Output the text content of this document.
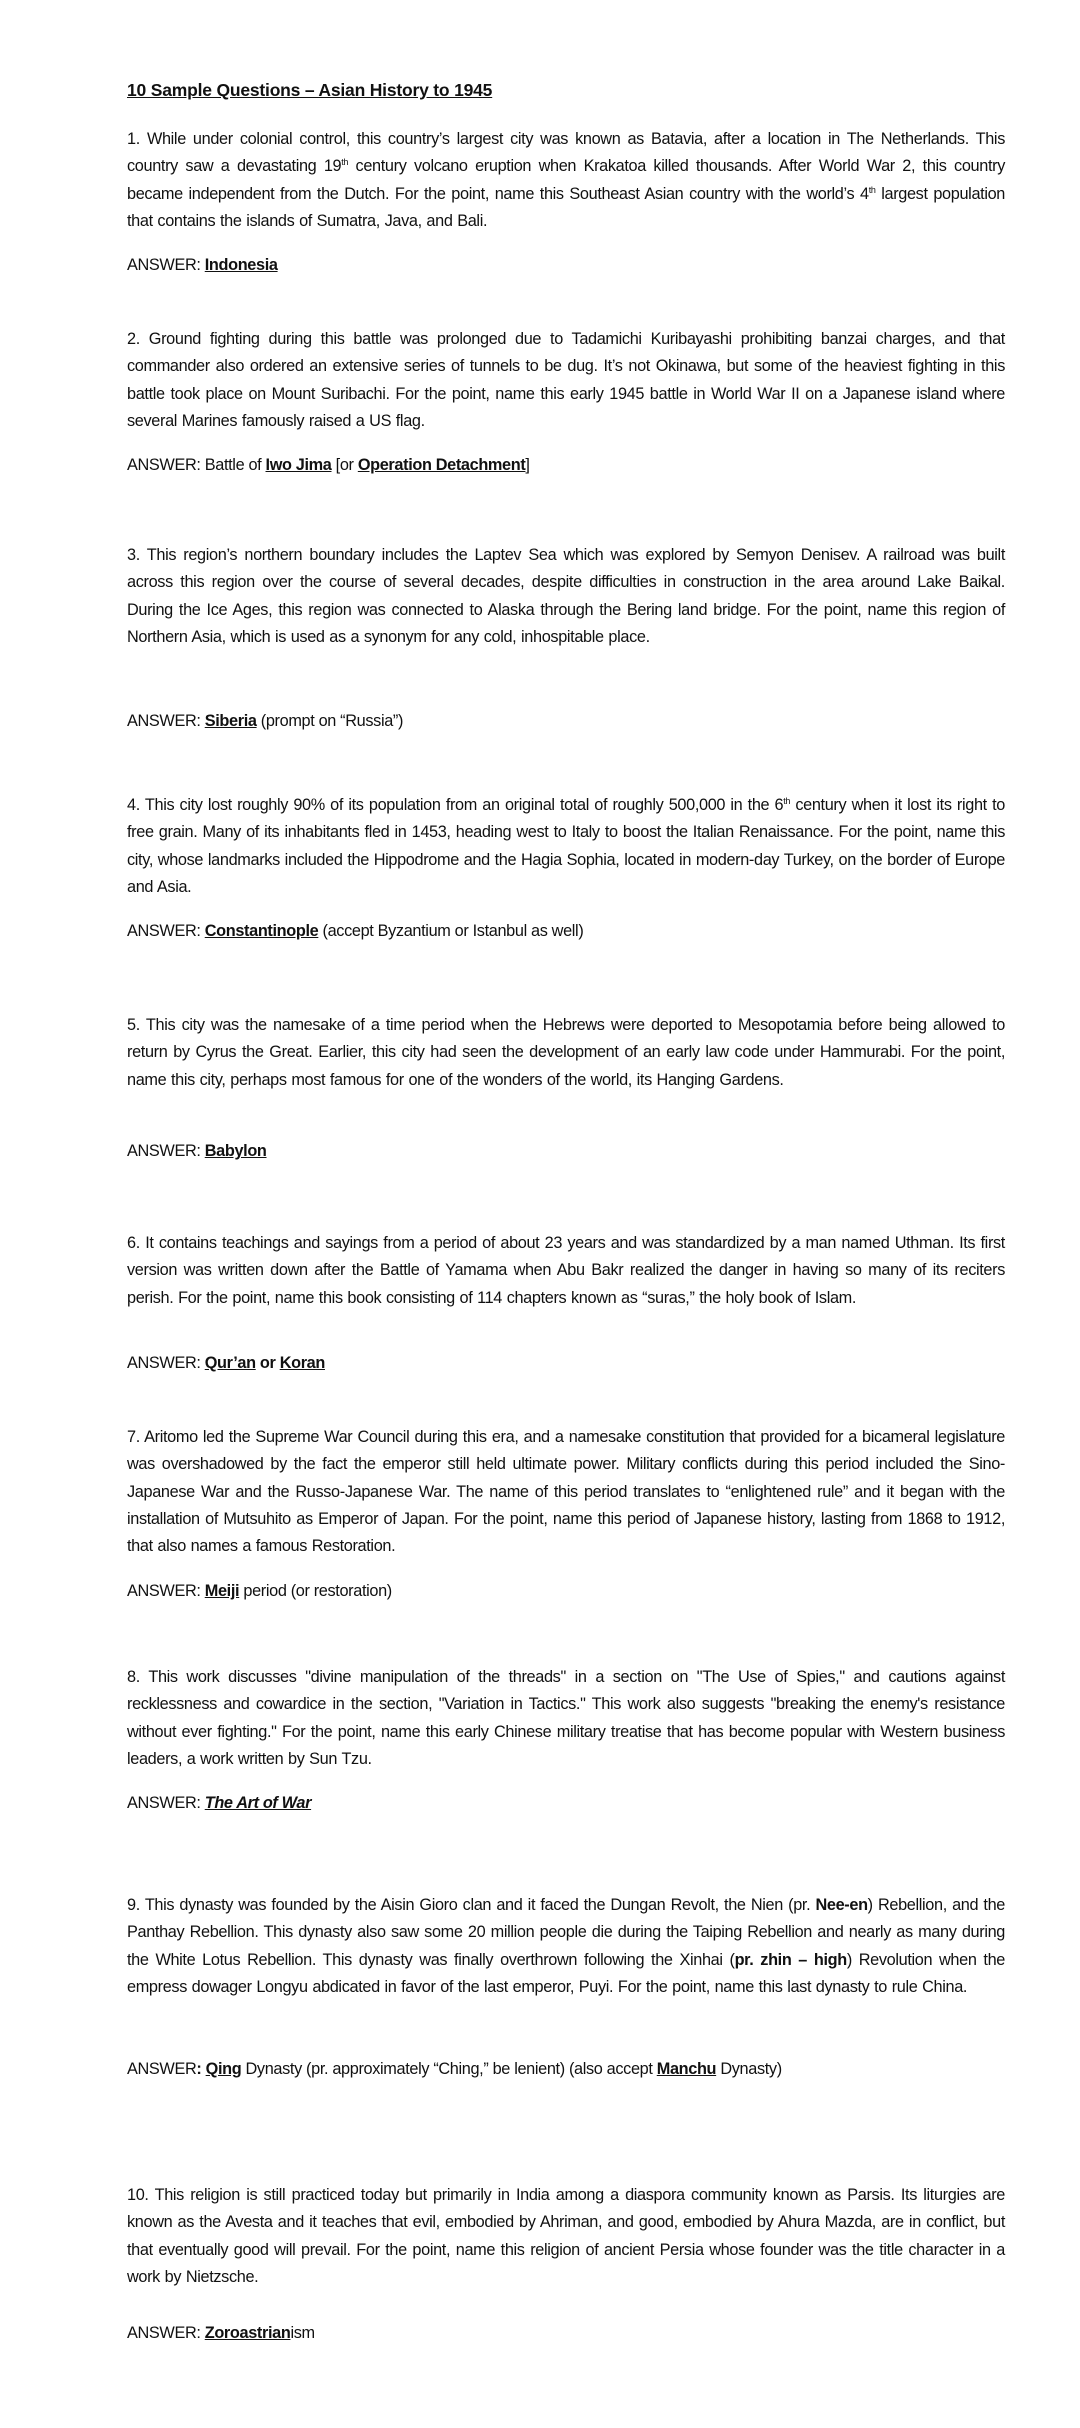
10 Sample Questions – Asian History to 1945
1. While under colonial control, this country’s largest city was known as Batavia, after a location in The Netherlands. This country saw a devastating 19th century volcano eruption when Krakatoa killed thousands. After World War 2, this country became independent from the Dutch. For the point, name this Southeast Asian country with the world’s 4th largest population that contains the islands of Sumatra, Java, and Bali.
ANSWER: Indonesia
2. Ground fighting during this battle was prolonged due to Tadamichi Kuribayashi prohibiting banzai charges, and that commander also ordered an extensive series of tunnels to be dug. It’s not Okinawa, but some of the heaviest fighting in this battle took place on Mount Suribachi. For the point, name this early 1945 battle in World War II on a Japanese island where several Marines famously raised a US flag.
ANSWER: Battle of Iwo Jima [or Operation Detachment]
3. This region’s northern boundary includes the Laptev Sea which was explored by Semyon Denisev. A railroad was built across this region over the course of several decades, despite difficulties in construction in the area around Lake Baikal. During the Ice Ages, this region was connected to Alaska through the Bering land bridge. For the point, name this region of Northern Asia, which is used as a synonym for any cold, inhospitable place.
ANSWER: Siberia (prompt on “Russia”)
4. This city lost roughly 90% of its population from an original total of roughly 500,000 in the 6th century when it lost its right to free grain. Many of its inhabitants fled in 1453, heading west to Italy to boost the Italian Renaissance. For the point, name this city, whose landmarks included the Hippodrome and the Hagia Sophia, located in modern-day Turkey, on the border of Europe and Asia.
ANSWER: Constantinople (accept Byzantium or Istanbul as well)
5. This city was the namesake of a time period when the Hebrews were deported to Mesopotamia before being allowed to return by Cyrus the Great. Earlier, this city had seen the development of an early law code under Hammurabi. For the point, name this city, perhaps most famous for one of the wonders of the world, its Hanging Gardens.
ANSWER: Babylon
6. It contains teachings and sayings from a period of about 23 years and was standardized by a man named Uthman. Its first version was written down after the Battle of Yamama when Abu Bakr realized the danger in having so many of its reciters perish. For the point, name this book consisting of 114 chapters known as “suras,” the holy book of Islam.
ANSWER: Qur’an or Koran
7. Aritomo led the Supreme War Council during this era, and a namesake constitution that provided for a bicameral legislature was overshadowed by the fact the emperor still held ultimate power. Military conflicts during this period included the Sino-Japanese War and the Russo-Japanese War. The name of this period translates to “enlightened rule” and it began with the installation of Mutsuhito as Emperor of Japan. For the point, name this period of Japanese history, lasting from 1868 to 1912, that also names a famous Restoration.
ANSWER: Meiji period (or restoration)
8. This work discusses "divine manipulation of the threads" in a section on "The Use of Spies," and cautions against recklessness and cowardice in the section, "Variation in Tactics." This work also suggests "breaking the enemy's resistance without ever fighting." For the point, name this early Chinese military treatise that has become popular with Western business leaders, a work written by Sun Tzu.
ANSWER: The Art of War
9. This dynasty was founded by the Aisin Gioro clan and it faced the Dungan Revolt, the Nien (pr. Nee-en) Rebellion, and the Panthay Rebellion. This dynasty also saw some 20 million people die during the Taiping Rebellion and nearly as many during the White Lotus Rebellion. This dynasty was finally overthrown following the Xinhai (pr. zhin – high) Revolution when the empress dowager Longyu abdicated in favor of the last emperor, Puyi. For the point, name this last dynasty to rule China.
ANSWER: Qing Dynasty (pr. approximately “Ching,” be lenient) (also accept Manchu Dynasty)
10. This religion is still practiced today but primarily in India among a diaspora community known as Parsis. Its liturgies are known as the Avesta and it teaches that evil, embodied by Ahriman, and good, embodied by Ahura Mazda, are in conflict, but that eventually good will prevail. For the point, name this religion of ancient Persia whose founder was the title character in a work by Nietzsche.
ANSWER: Zoroastrianism
